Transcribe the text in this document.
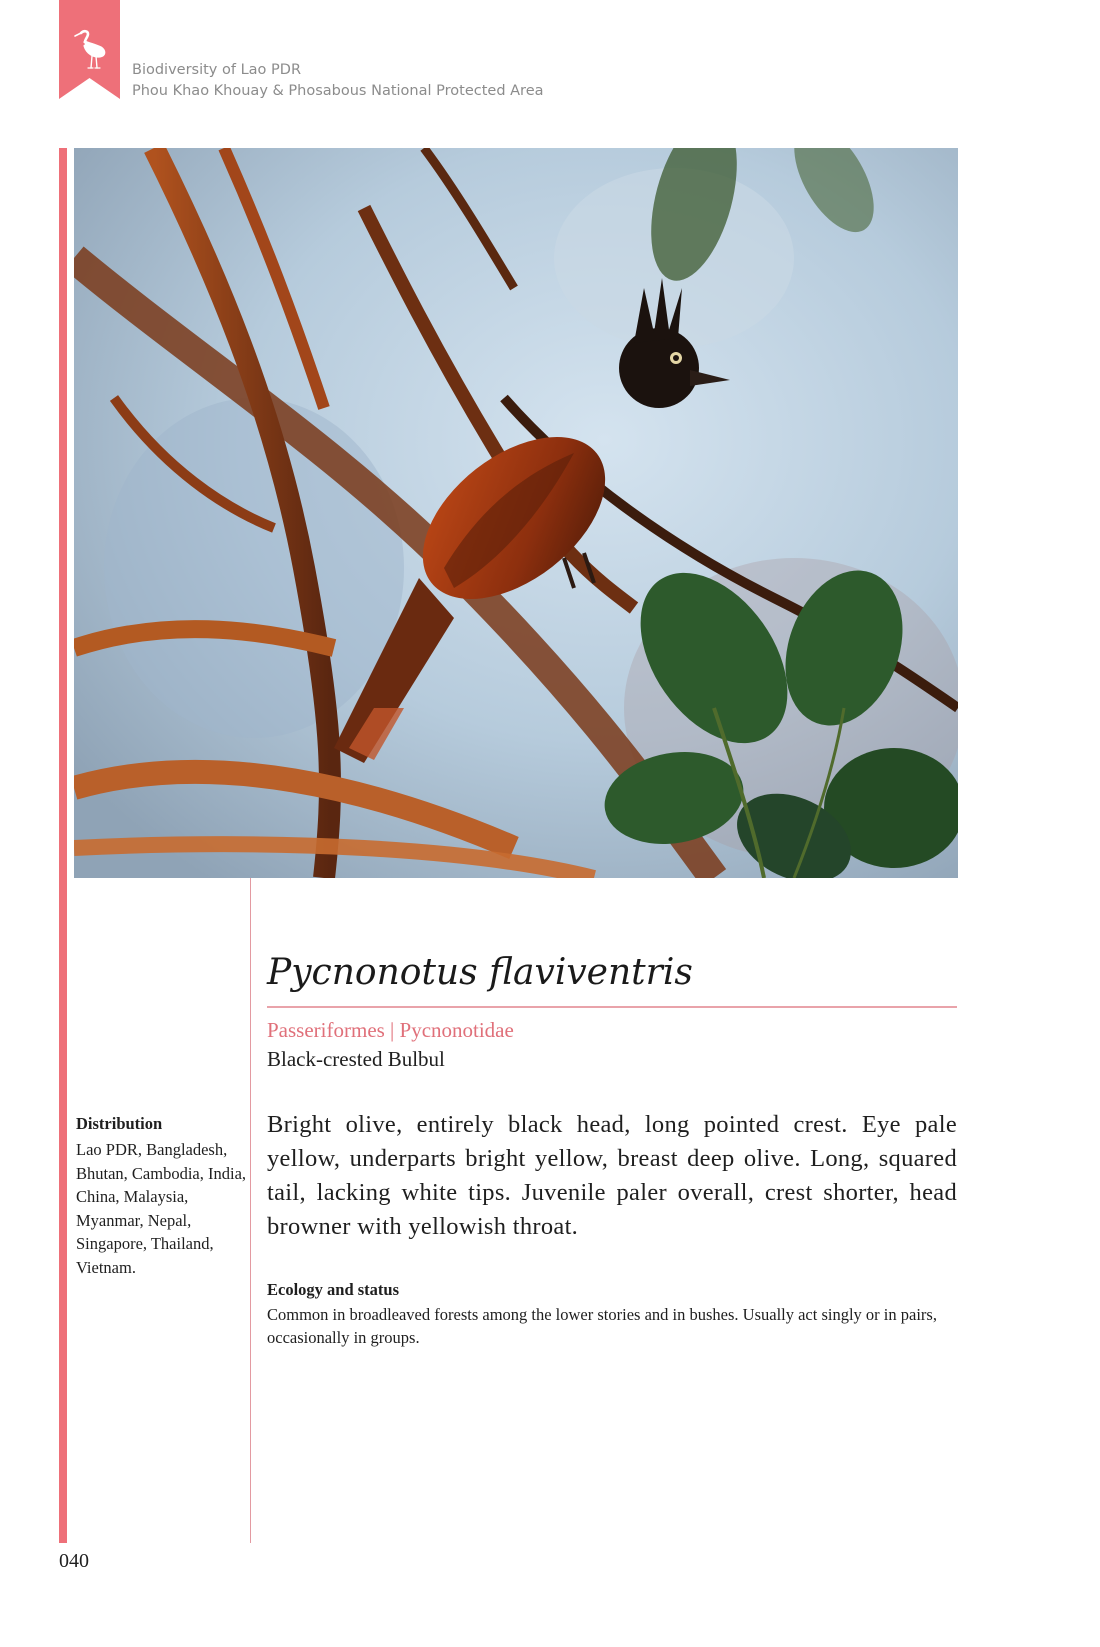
Biodiversity of Lao PDR
Phou Khao Khouay & Phosabous National Protected Area
Pycnonotus flaviventris
Passeriformes | Pycnonotidae
Black-crested Bulbul
Bright olive, entirely black head, long pointed crest. Eye pale yellow, underparts bright yellow, breast deep olive. Long, squared tail, lacking white tips. Juvenile paler overall, crest shorter, head browner with yellowish throat.
Ecology and status
Common in broadleaved forests among the lower stories and in bushes. Usually act singly or in pairs, occasionally in groups.
Distribution
Lao PDR, Bangladesh, Bhutan, Cambodia, India, China, Malaysia, Myanmar, Nepal, Singapore, Thailand, Vietnam.
040
